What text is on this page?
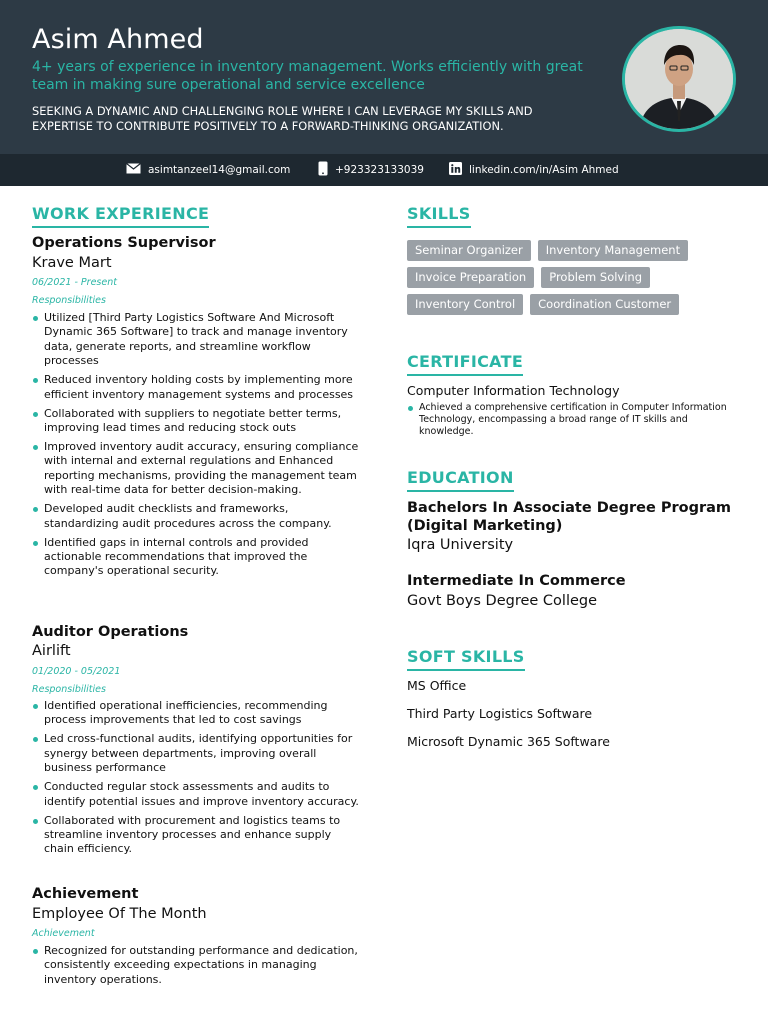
Asim Ahmed
4+ years of experience in inventory management. Works efficiently with great team in making sure operational and service excellence
SEEKING A DYNAMIC AND CHALLENGING ROLE WHERE I CAN LEVERAGE MY SKILLS AND EXPERTISE TO CONTRIBUTE POSITIVELY TO A FORWARD-THINKING ORGANIZATION.
asimtanzeel14@gmail.com	+923323133039	linkedin.com/in/Asim Ahmed
WORK EXPERIENCE
Operations Supervisor
Krave Mart
06/2021 - Present
Responsibilities
Utilized [Third Party Logistics Software And Microsoft Dynamic 365 Software] to track and manage inventory data, generate reports, and streamline workflow processes
Reduced inventory holding costs by implementing more efficient inventory management systems and processes
Collaborated with suppliers to negotiate better terms, improving lead times and reducing stock outs
Improved inventory audit accuracy, ensuring compliance with internal and external regulations and Enhanced reporting mechanisms, providing the management team with real-time data for better decision-making.
Developed audit checklists and frameworks, standardizing audit procedures across the company.
Identified gaps in internal controls and provided actionable recommendations that improved the company's operational security.
Auditor Operations
Airlift
01/2020 - 05/2021
Responsibilities
Identified operational inefficiencies, recommending process improvements that led to cost savings
Led cross-functional audits, identifying opportunities for synergy between departments, improving overall business performance
Conducted regular stock assessments and audits to identify potential issues and improve inventory accuracy.
Collaborated with procurement and logistics teams to streamline inventory processes and enhance supply chain efficiency.
Achievement
Employee Of The Month
Achievement
Recognized for outstanding performance and dedication, consistently exceeding expectations in managing inventory operations.
SKILLS
Seminar Organizer	Inventory Management
Invoice Preparation	Problem Solving
Inventory Control	Coordination Customer
CERTIFICATE
Computer Information Technology
Achieved a comprehensive certification in Computer Information Technology, encompassing a broad range of IT skills and knowledge.
EDUCATION
Bachelors In Associate Degree Program (Digital Marketing)
Iqra University
Intermediate In Commerce
Govt Boys Degree College
SOFT SKILLS
MS Office
Third Party Logistics Software
Microsoft Dynamic 365 Software
